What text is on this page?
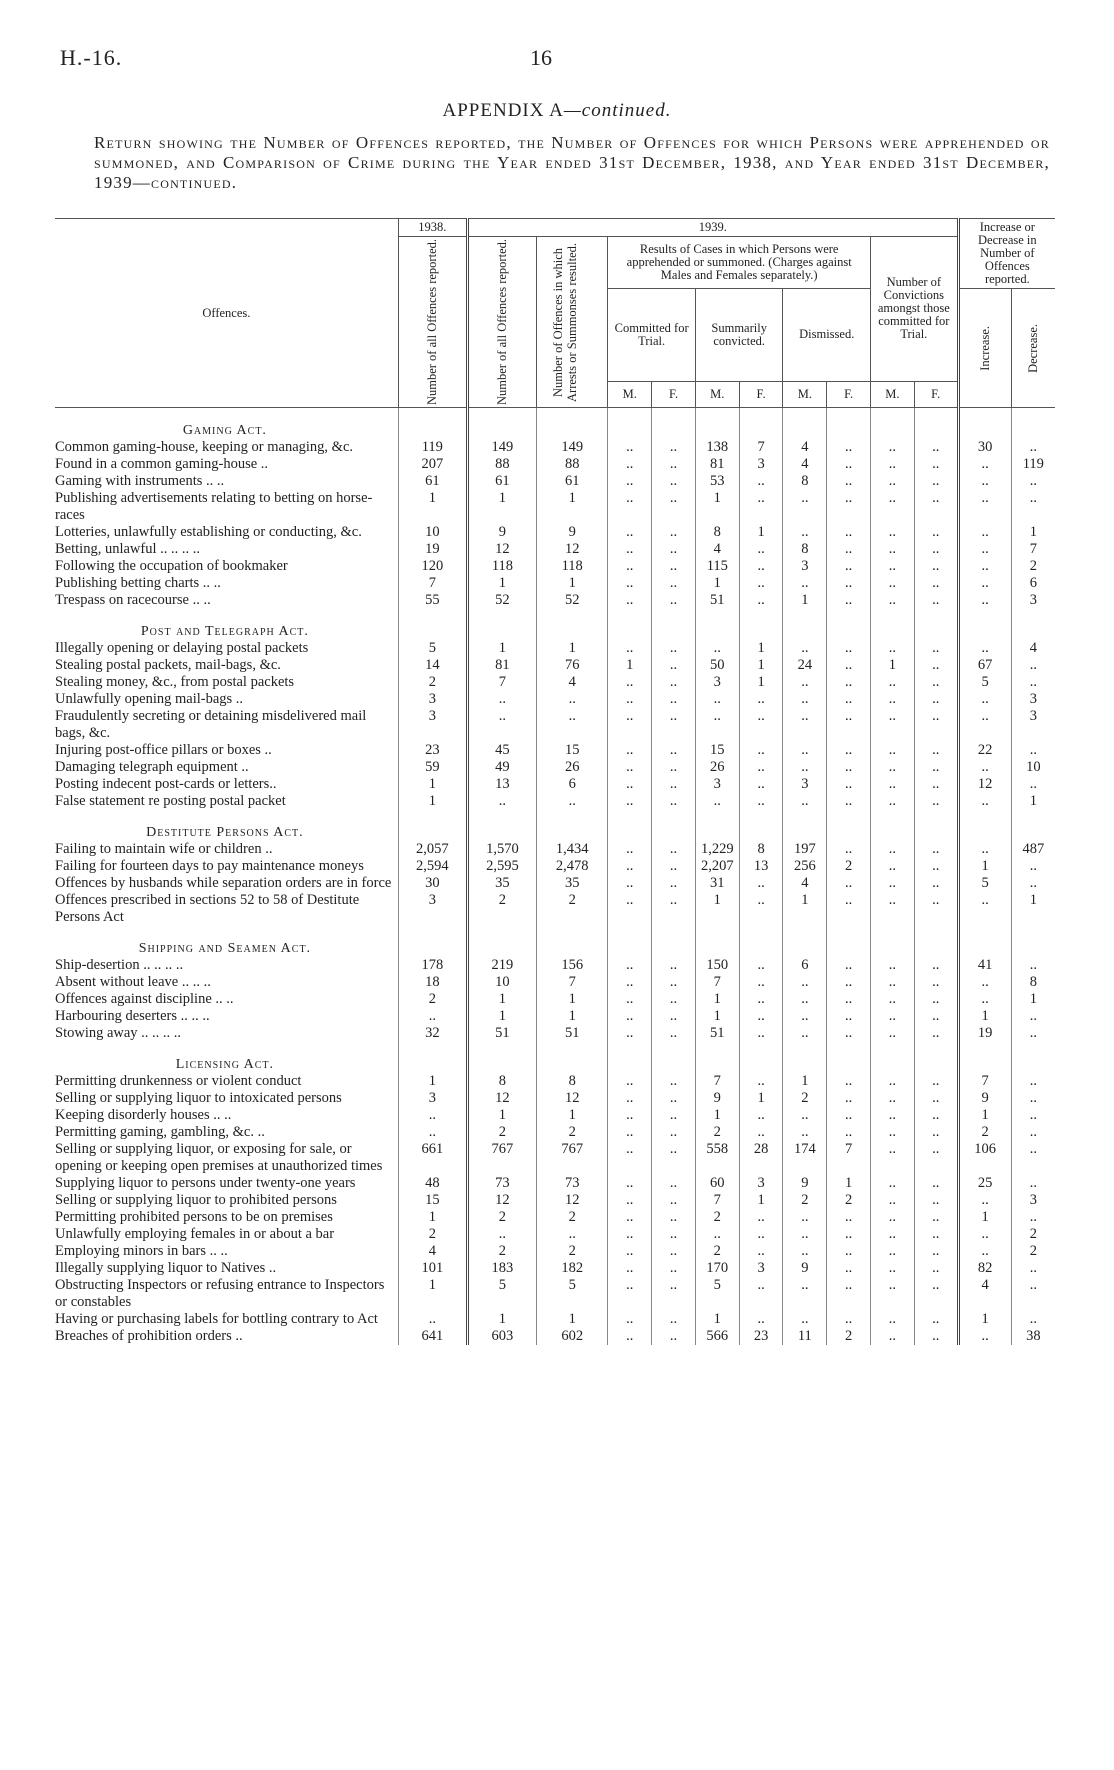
H.-16.	16
APPENDIX A—continued.
Return showing the Number of Offences reported, the Number of Offences for which Persons were apprehended or summoned, and Comparison of Crime during the Year ended 31st December, 1938, and Year ended 31st December, 1939—continued.
Offences.	1938.	1939.										Increase or Decrease in Number of Offences reported.	

	Number of all Offences reported.	Number of all Offences reported.	Number of Offences in which Arrests or Summonses resulted.	Results of Cases in which Persons were apprehended or summoned. (Charges against Males and Females separately.)						Number of Convictions amongst those committed for Trial.			
				Committed for Trial.		Summarily convicted.		Dismissed.				Increase.	Decrease.

				M.	F.	M.	F.	M.	F.	M.	F.		
Gaming Act.													
Common gaming-house, keeping or managing, &c.	119	149	149	..	..	138	7	4	..	..	..	30	..
Found in a common gaming-house ..	207	88	88	..	..	81	3	4	..	..	..	..	119
Gaming with instruments .. ..	61	61	61	..	..	53	..	8	..	..	..	..	..
Publishing advertisements relating to betting on horse-races	1	1	1	..	..	1	..	..	..	..	..	..	..
Lotteries, unlawfully establishing or conducting, &c.	10	9	9	..	..	8	1	..	..	..	..	..	1
Betting, unlawful .. .. .. ..	19	12	12	..	..	4	..	8	..	..	..	..	7
Following the occupation of bookmaker	120	118	118	..	..	115	..	3	..	..	..	..	2
Publishing betting charts .. ..	7	1	1	..	..	1	..	..	..	..	..	..	6
Trespass on racecourse .. ..	55	52	52	..	..	51	..	1	..	..	..	..	3
Post and Telegraph Act.													
Illegally opening or delaying postal packets	5	1	1	..	..	..	1	..	..	..	..	..	4
Stealing postal packets, mail-bags, &c.	14	81	76	1	..	50	1	24	..	1	..	67	..
Stealing money, &c., from postal packets	2	7	4	..	..	3	1	..	..	..	..	5	..
Unlawfully opening mail-bags ..	3	..	..	..	..	..	..	..	..	..	..	..	3
Fraudulently secreting or detaining misdelivered mail bags, &c.	3	..	..	..	..	..	..	..	..	..	..	..	3
Injuring post-office pillars or boxes ..	23	45	15	..	..	15	..	..	..	..	..	22	..
Damaging telegraph equipment ..	59	49	26	..	..	26	..	..	..	..	..	..	10
Posting indecent post-cards or letters..	1	13	6	..	..	3	..	3	..	..	..	12	..
False statement re posting postal packet	1	..	..	..	..	..	..	..	..	..	..	..	1
Destitute Persons Act.													
Failing to maintain wife or children ..	2,057	1,570	1,434	..	..	1,229	8	197	..	..	..	..	487
Failing for fourteen days to pay maintenance moneys	2,594	2,595	2,478	..	..	2,207	13	256	2	..	..	1	..
Offences by husbands while separation orders are in force	30	35	35	..	..	31	..	4	..	..	..	5	..
Offences prescribed in sections 52 to 58 of Destitute Persons Act	3	2	2	..	..	1	..	1	..	..	..	..	1
Shipping and Seamen Act.													
Ship-desertion .. .. .. ..	178	219	156	..	..	150	..	6	..	..	..	41	..
Absent without leave .. .. ..	18	10	7	..	..	7	..	..	..	..	..	..	8
Offences against discipline .. ..	2	1	1	..	..	1	..	..	..	..	..	..	1
Harbouring deserters .. .. ..	..	1	1	..	..	1	..	..	..	..	..	1	..
Stowing away .. .. .. ..	32	51	51	..	..	51	..	..	..	..	..	19	..
Licensing Act.													
Permitting drunkenness or violent conduct	1	8	8	..	..	7	..	1	..	..	..	7	..
Selling or supplying liquor to intoxicated persons	3	12	12	..	..	9	1	2	..	..	..	9	..
Keeping disorderly houses .. ..	..	1	1	..	..	1	..	..	..	..	..	1	..
Permitting gaming, gambling, &c. ..	..	2	2	..	..	2	..	..	..	..	..	2	..
Selling or supplying liquor, or exposing for sale, or opening or keeping open premises at unauthorized times	661	767	767	..	..	558	28	174	7	..	..	106	..
Supplying liquor to persons under twenty-one years	48	73	73	..	..	60	3	9	1	..	..	25	..
Selling or supplying liquor to prohibited persons	15	12	12	..	..	7	1	2	2	..	..	..	3
Permitting prohibited persons to be on premises	1	2	2	..	..	2	..	..	..	..	..	1	..
Unlawfully employing females in or about a bar	2	..	..	..	..	..	..	..	..	..	..	..	2
Employing minors in bars .. ..	4	2	2	..	..	2	..	..	..	..	..	..	2
Illegally supplying liquor to Natives ..	101	183	182	..	..	170	3	9	..	..	..	82	..
Obstructing Inspectors or refusing entrance to Inspectors or constables	1	5	5	..	..	5	..	..	..	..	..	4	..
Having or purchasing labels for bottling contrary to Act	..	1	1	..	..	1	..	..	..	..	..	1	..
Breaches of prohibition orders ..	641	603	602	..	..	566	23	11	2	..	..	..	38
